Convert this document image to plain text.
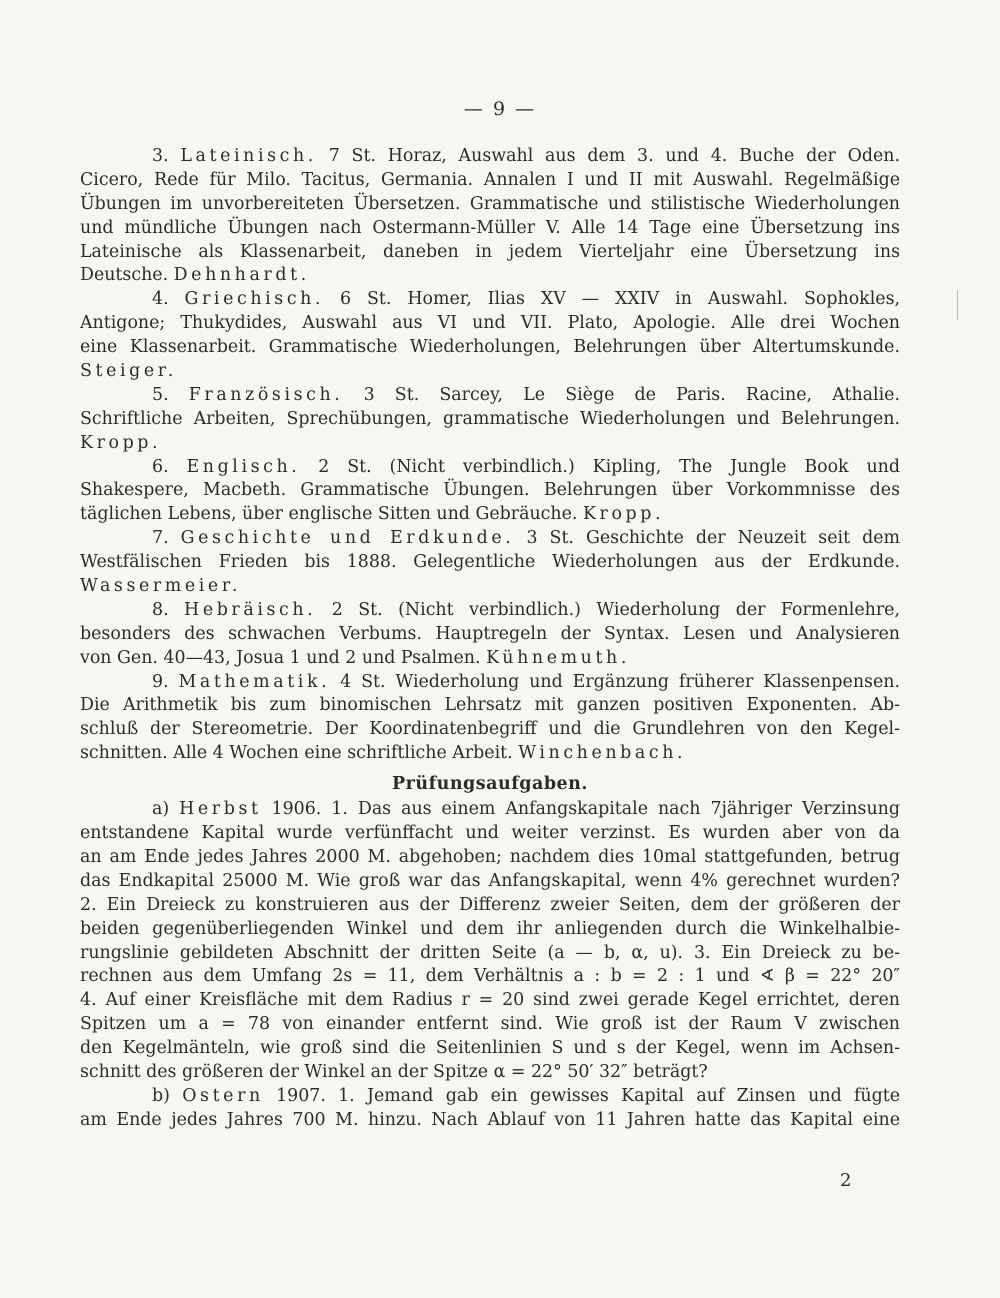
— 9 —
3. Lateinisch. 7 St. Horaz, Auswahl aus dem 3. und 4. Buche der Oden.
Cicero, Rede für Milo. Tacitus, Germania. Annalen I und II mit Auswahl. Regelmäßige
Übungen im unvorbereiteten Übersetzen. Grammatische und stilistische Wiederholungen
und mündliche Übungen nach Ostermann-Müller V. Alle 14 Tage eine Übersetzung ins
Lateinische als Klassenarbeit, daneben in jedem Vierteljahr eine Übersetzung ins
Deutsche. Dehnhardt.
4. Griechisch. 6 St. Homer, Ilias XV — XXIV in Auswahl. Sophokles,
Antigone; Thukydides, Auswahl aus VI und VII. Plato, Apologie. Alle drei Wochen
eine Klassenarbeit. Grammatische Wiederholungen, Belehrungen über Altertumskunde.
Steiger.
5. Französisch. 3 St. Sarcey, Le Siège de Paris. Racine, Athalie.
Schriftliche Arbeiten, Sprechübungen, grammatische Wiederholungen und Belehrungen.
Kropp.
6. Englisch. 2 St. (Nicht verbindlich.) Kipling, The Jungle Book und
Shakespere, Macbeth. Grammatische Übungen. Belehrungen über Vorkommnisse des
täglichen Lebens, über englische Sitten und Gebräuche. Kropp.
7. Geschichte und Erdkunde. 3 St. Geschichte der Neuzeit seit dem
Westfälischen Frieden bis 1888. Gelegentliche Wiederholungen aus der Erdkunde.
Wassermeier.
8. Hebräisch. 2 St. (Nicht verbindlich.) Wiederholung der Formenlehre,
besonders des schwachen Verbums. Hauptregeln der Syntax. Lesen und Analysieren
von Gen. 40—43, Josua 1 und 2 und Psalmen. Kühnemuth.
9. Mathematik. 4 St. Wiederholung und Ergänzung früherer Klassenpensen.
Die Arithmetik bis zum binomischen Lehrsatz mit ganzen positiven Exponenten. Ab-
schluß der Stereometrie. Der Koordinatenbegriff und die Grundlehren von den Kegel-
schnitten. Alle 4 Wochen eine schriftliche Arbeit. Winchenbach.
Prüfungsaufgaben.
a) Herbst 1906. 1. Das aus einem Anfangskapitale nach 7jähriger Verzinsung
entstandene Kapital wurde verfünffacht und weiter verzinst. Es wurden aber von da
an am Ende jedes Jahres 2000 M. abgehoben; nachdem dies 10mal stattgefunden, betrug
das Endkapital 25000 M. Wie groß war das Anfangskapital, wenn 4% gerechnet wurden?
2. Ein Dreieck zu konstruieren aus der Differenz zweier Seiten, dem der größeren der
beiden gegenüberliegenden Winkel und dem ihr anliegenden durch die Winkelhalbie-
rungslinie gebildeten Abschnitt der dritten Seite (a — b, α, u). 3. Ein Dreieck zu be-
rechnen aus dem Umfang 2s = 11, dem Verhältnis a : b = 2 : 1 und ∢ β = 22° 20″
4. Auf einer Kreisfläche mit dem Radius r = 20 sind zwei gerade Kegel errichtet, deren
Spitzen um a = 78 von einander entfernt sind. Wie groß ist der Raum V zwischen
den Kegelmänteln, wie groß sind die Seitenlinien S und s der Kegel, wenn im Achsen-
schnitt des größeren der Winkel an der Spitze α = 22° 50′ 32″ beträgt?
b) Ostern 1907. 1. Jemand gab ein gewisses Kapital auf Zinsen und fügte
am Ende jedes Jahres 700 M. hinzu. Nach Ablauf von 11 Jahren hatte das Kapital eine
2
